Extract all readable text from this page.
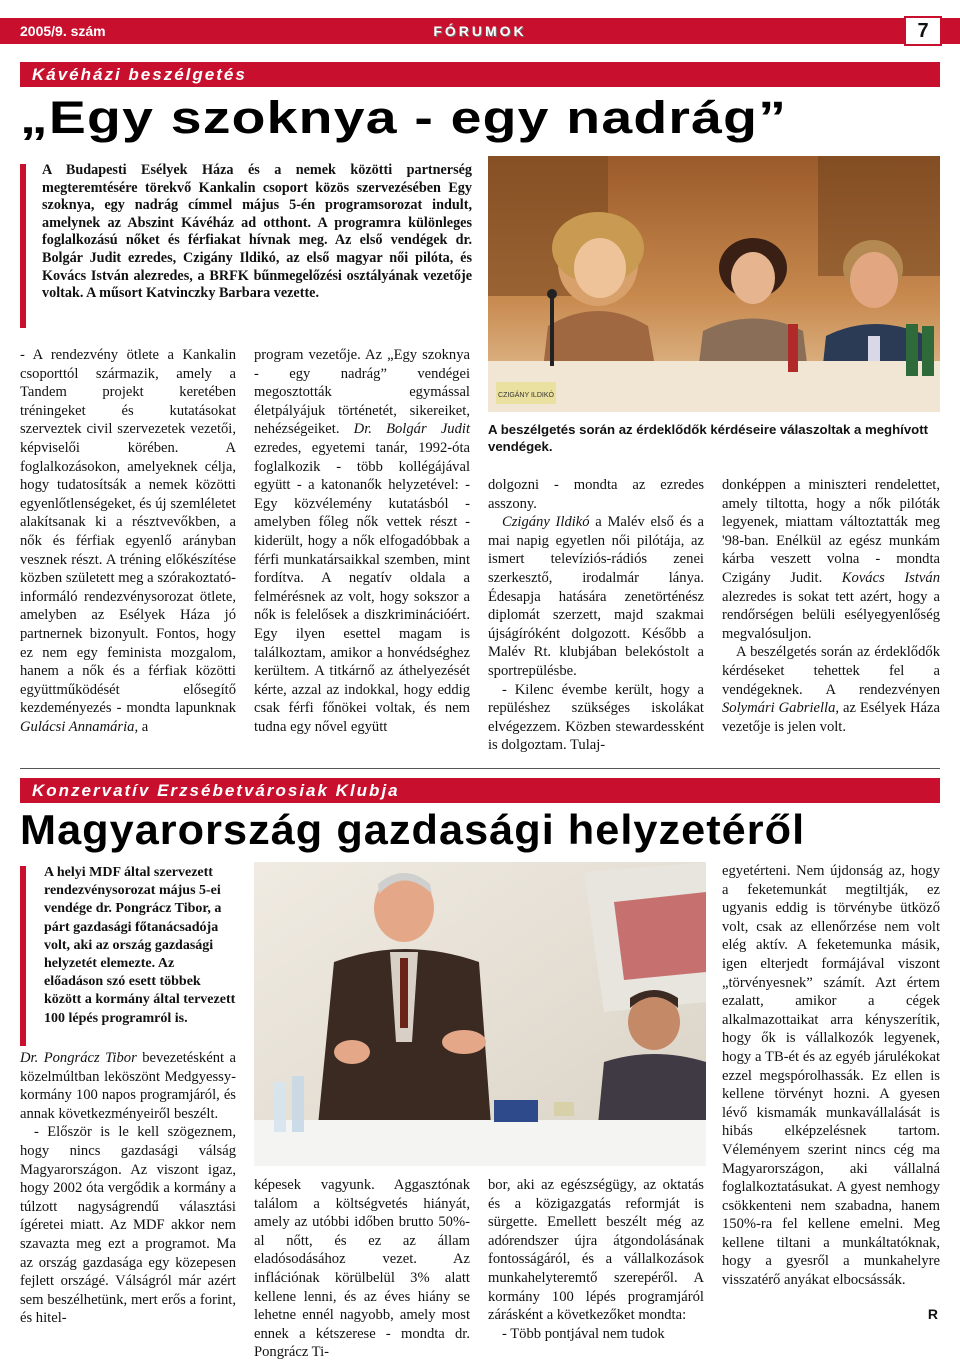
2005/9. szám	FÓRUMOK	7
Kávéházi beszélgetés
„Egy szoknya - egy nadrág”
A Budapesti Esélyek Háza és a nemek közötti partnerség megteremtésére törekvő Kankalin csoport közös szervezésében Egy szoknya, egy nadrág címmel május 5-én programsorozat indult, amelynek az Abszint Kávéház ad otthont. A programra különleges foglalkozású nőket és férfiakat hívnak meg. Az első vendégek dr. Bolgár Judit ezredes, Czigány Ildikó, az első magyar női pilóta, és Kovács István alezredes, a BRFK bűnmegelőzési osztályának vezetője voltak. A műsort Katvinczky Barbara vezette.
CZIGÁNY ILDIKÓ
A beszélgetés során az érdeklődők kérdéseire válaszoltak a meghívott vendégek.

- A rendezvény ötlete a Kankalin csoporttól származik, amely a Tandem projekt keretében tréningeket és kutatásokat szerveztek civil szervezetek vezetői, képviselői körében. A foglalkozásokon, amelyeknek célja, hogy tudatosítsák a nemek közötti egyenlőtlenségeket, és új szemléletet alakítsanak ki a résztvevőkben, a nők és férfiak egyenlő arányban vesznek részt. A tréning előkészítése közben született meg a szórakoztató-informáló rendezvénysorozat ötlete, amelyben az Esélyek Háza jó partnernek bizonyult. Fontos, hogy ez nem egy feminista mozgalom, hanem a nők és a férfiak közötti együttműködését elősegítő kezdeményezés - mondta lapunknak Gulácsi Annamária, a

program vezetője. Az „Egy szoknya - egy nadrág” vendégei megosztották egymással életpályájuk történetét, sikereiket, nehézségeiket. Dr. Bolgár Judit ezredes, egyetemi tanár, 1992-óta foglalkozik - több kollégájával együtt - a katonanők helyzetével: - Egy közvélemény kutatásból - amelyben főleg nők vettek részt - kiderült, hogy a nők elfogadóbbak a férfi munkatársaikkal szemben, mint fordítva. A negatív oldala a felmérésnek az volt, hogy sokszor a nők is felelősek a diszkriminációért. Egy ilyen esettel magam is találkoztam, amikor a honvédséghez kerültem. A titkárnő az áthelyezését kérte, azzal az indokkal, hogy eddig csak férfi főnökei voltak, és nem tudna egy nővel együtt

dolgozni - mondta az ezredes asszony.

Czigány Ildikó a Malév első és a mai napig egyetlen női pilótája, az ismert televíziós-rádiós zenei szerkesztő, irodalmár lánya. Édesapja hatására zenetörténész diplomát szerzett, majd szakmai újságíróként dolgozott. Később a Malév Rt. klubjában belekóstolt a sportrepülésbe.

- Kilenc évembe került, hogy a repüléshez szükséges iskolákat elvégezzem. Közben stewardessként is dolgoztam. Tulaj-

donképpen a miniszteri rendelettet, amely tiltotta, hogy a nők pilóták legyenek, miattam változtatták meg '98-ban. Enélkül az egész munkám kárba veszett volna - mondta Czigány Judit. Kovács István alezredes is sokat tett azért, hogy a rendőrségen belüli esélyegyenlőség megvalósuljon.

A beszélgetés során az érdeklődők kérdéseket tehettek fel a vendégeknek. A rendezvényen Solymári Gabriella, az Esélyek Háza vezetője is jelen volt.

Konzervatív Erzsébetvárosiak Klubja
Magyarország gazdasági helyzetéről
A helyi MDF által szervezett rendezvénysorozat május 5-ei vendége dr. Pongrácz Tibor, a párt gazdasági főtanácsadója volt, aki az ország gazdasági helyzetét elemezte. Az előadáson szó esett többek között a kormány által tervezett 100 lépés programról is.

Dr. Pongrácz Tibor bevezetésként a közelmúltban leköszönt Medgyessy-kormány 100 napos programjáról, és annak következményeiről beszélt.

- Először is le kell szögeznem, hogy nincs gazdasági válság Magyarországon. Az viszont igaz, hogy 2002 óta vergődik a kormány a túlzott nagyságrendű választási ígéretei miatt. Az MDF akkor nem szavazta meg ezt a programot. Ma az ország gazdasága egy közepesen fejlett országé. Válságról már azért sem beszélhetünk, mert erős a forint, és hitel-

képesek vagyunk. Aggasztónak találom a költségvetés hiányát, amely az utóbbi időben brutto 50%-al nőtt, és ez az állam eladósodásához vezet. Az inflációnak körülbelül 3% alatt kellene lenni, és az éves hiány se lehetne ennél nagyobb, amely most ennek a kétszerese - mondta dr. Pongrácz Ti-

bor, aki az egészségügy, az oktatás és a közigazgatás reformját is sürgette. Emellett beszélt még az adórendszer újra átgondolásának fontosságáról, és a vállalkozások munkahelyteremtő szerepéről. A kormány 100 lépés programjáról zárásként a következőket mondta:

- Több pontjával nem tudok

egyetérteni. Nem újdonság az, hogy a feketemunkát megtiltják, ez ugyanis eddig is törvénybe ütköző volt, csak az ellenőrzése nem volt elég aktív. A feketemunka másik, igen elterjedt formájával viszont „törvényesnek” számít. Azt értem ezalatt, amikor a cégek alkalmazottaikat arra kényszerítik, hogy ők is vállalkozók legyenek, hogy a TB-ét és az egyéb járulékokat ezzel megspórolhassák. Ez ellen is kellene törvényt hozni. A gyesen lévő kismamák munkavállalását is hibás elképzelésnek tartom. Véleményem szerint nincs cég ma Magyarországon, aki vállalná foglalkoztatásukat. A gyest nemhogy csökkenteni nem szabadna, hanem 150%-ra fel kellene emelni. Meg kellene tiltani a munkáltatóknak, hogy a gyesről a munkahelyre visszatérő anyákat elbocsássák.

R
